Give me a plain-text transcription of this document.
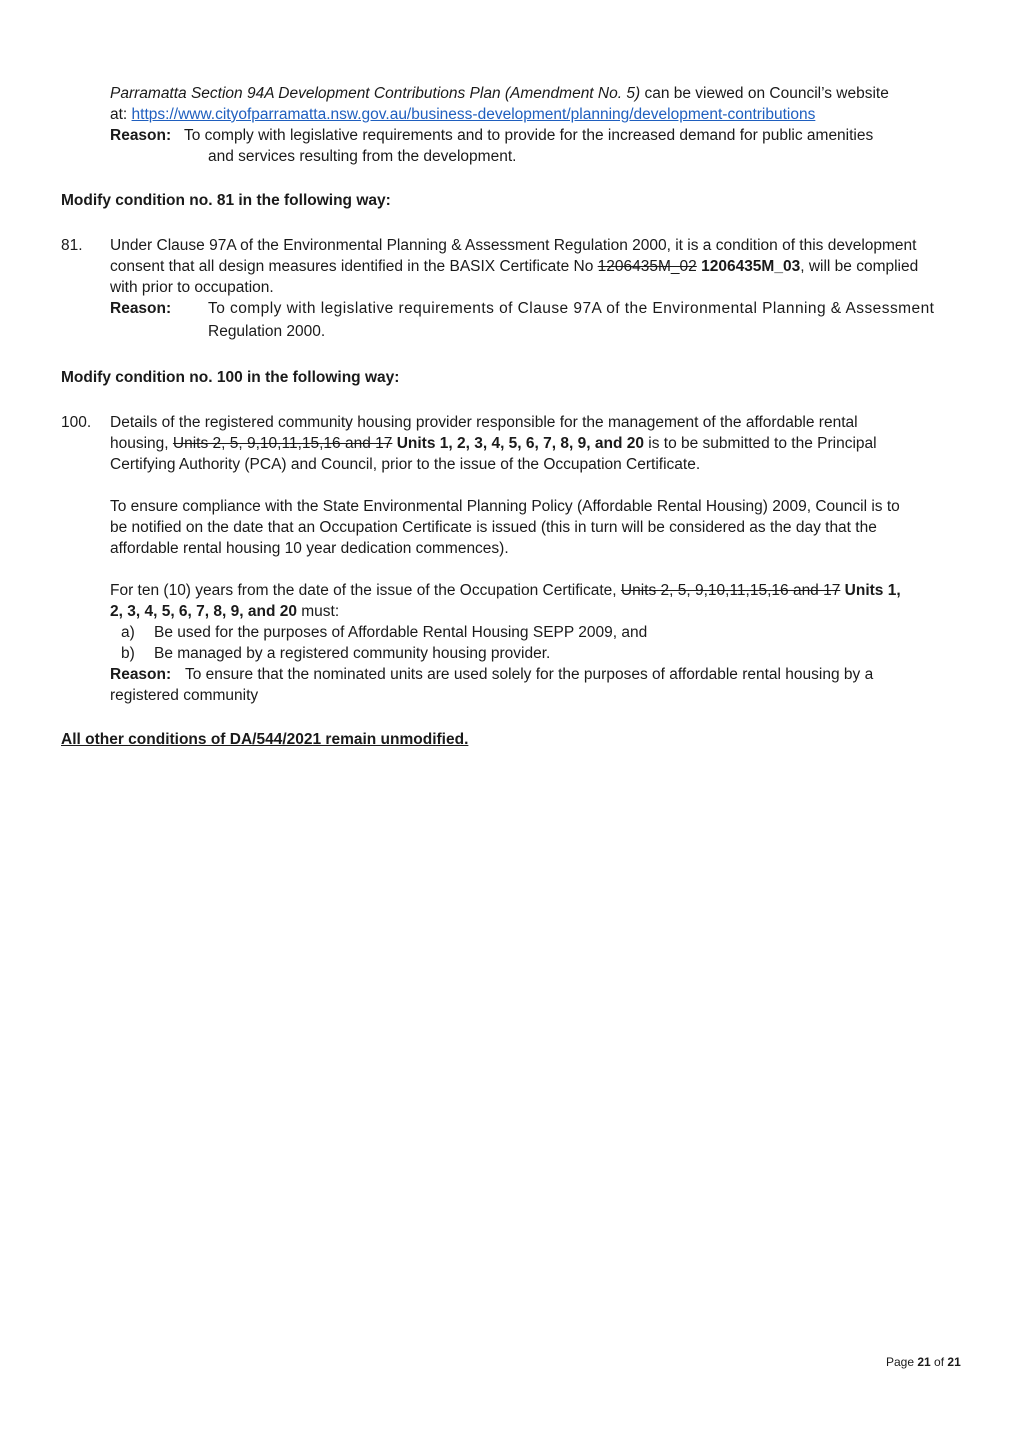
Parramatta Section 94A Development Contributions Plan (Amendment No. 5) can be viewed on Council’s website
at: https://www.cityofparramatta.nsw.gov.au/business-development/planning/development-contributions
Reason: To comply with legislative requirements and to provide for the increased demand for public amenities
and services resulting from the development.
Modify condition no. 81 in the following way:
81. Under Clause 97A of the Environmental Planning & Assessment Regulation 2000, it is a condition of this development
consent that all design measures identified in the BASIX Certificate No 1206435M_02 1206435M_03, will be complied
with prior to occupation.
Reason: To comply with legislative requirements of Clause 97A of the Environmental Planning & Assessment
Regulation 2000.
Modify condition no. 100 in the following way:
100. Details of the registered community housing provider responsible for the management of the affordable rental
housing, Units 2, 5, 9,10,11,15,16 and 17 Units 1, 2, 3, 4, 5, 6, 7, 8, 9, and 20 is to be submitted to the Principal
Certifying Authority (PCA) and Council, prior to the issue of the Occupation Certificate.
To ensure compliance with the State Environmental Planning Policy (Affordable Rental Housing) 2009, Council is to
be notified on the date that an Occupation Certificate is issued (this in turn will be considered as the day that the
affordable rental housing 10 year dedication commences).
For ten (10) years from the date of the issue of the Occupation Certificate, Units 2, 5, 9,10,11,15,16 and 17 Units 1,
2, 3, 4, 5, 6, 7, 8, 9, and 20 must:
a) Be used for the purposes of Affordable Rental Housing SEPP 2009, and
b) Be managed by a registered community housing provider.
Reason: To ensure that the nominated units are used solely for the purposes of affordable rental housing by a
registered community
All other conditions of DA/544/2021 remain unmodified.
Page 21 of 21
